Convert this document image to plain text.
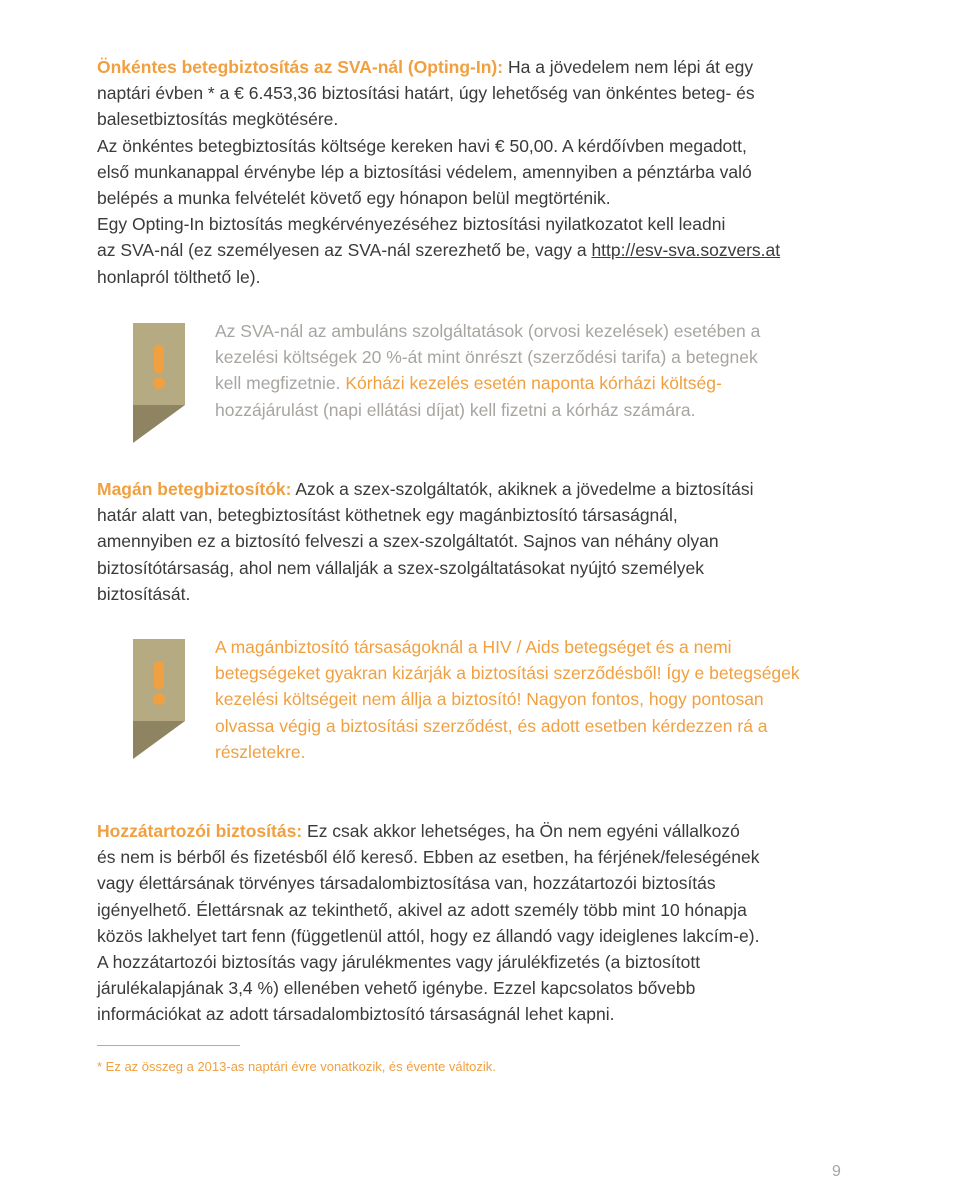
Önkéntes betegbiztosítás az SVA-nál (Opting-In): Ha a jövedelem nem lépi át egy
naptári évben * a € 6.453,36 biztosítási határt, úgy lehetőség van önkéntes beteg- és
balesetbiztosítás megkötésére.
Az önkéntes betegbiztosítás költsége kereken havi € 50,00. A kérdőívben megadott,
első munkanappal érvénybe lép a biztosítási védelem, amennyiben a pénztárba való
belépés a munka felvételét követő egy hónapon belül megtörténik.
Egy Opting-In biztosítás megkérvényezéséhez biztosítási nyilatkozatot kell leadni
az SVA-nál (ez személyesen az SVA-nál szerezhető be, vagy a http://esv-sva.sozvers.at
honlapról tölthető le).

Az SVA-nál az ambuláns szolgáltatások (orvosi kezelések) esetében a
kezelési költségek 20 %-át mint önrészt (szerződési tarifa) a betegnek
kell megfizetnie. Kórházi kezelés esetén naponta kórházi költség-
hozzájárulást (napi ellátási díjat) kell fizetni a kórház számára.

Magán betegbiztosítók: Azok a szex-szolgáltatók, akiknek a jövedelme a biztosítási
határ alatt van, betegbiztosítást köthetnek egy magánbiztosító társaságnál,
amennyiben ez a biztosító felveszi a szex-szolgáltatót. Sajnos van néhány olyan
biztosítótársaság, ahol nem vállalják a szex-szolgáltatásokat nyújtó személyek
biztosítását.

A magánbiztosító társaságoknál a HIV / Aids betegséget és a nemi
betegségeket gyakran kizárják a biztosítási szerződésből! Így e betegségek
kezelési költségeit nem állja a biztosító! Nagyon fontos, hogy pontosan
olvassa végig a biztosítási szerződést, és adott esetben kérdezzen rá a
részletekre.

Hozzátartozói biztosítás: Ez csak akkor lehetséges, ha Ön nem egyéni vállalkozó
és nem is bérből és fizetésből élő kereső. Ebben az esetben, ha férjének/feleségének
vagy élettársának törvényes társadalombiztosítása van, hozzátartozói biztosítás
igényelhető. Élettársnak az tekinthető, akivel az adott személy több mint 10 hónapja
közös lakhelyet tart fenn (függetlenül attól, hogy ez állandó vagy ideiglenes lakcím-e).
A hozzátartozói biztosítás vagy járulékmentes vagy járulékfizetés (a biztosított
járulékalapjának 3,4 %) ellenében vehető igénybe. Ezzel kapcsolatos bővebb
információkat az adott társadalombiztosító társaságnál lehet kapni.

* Ez az összeg a 2013-as naptári évre vonatkozik, és évente változik.

9
